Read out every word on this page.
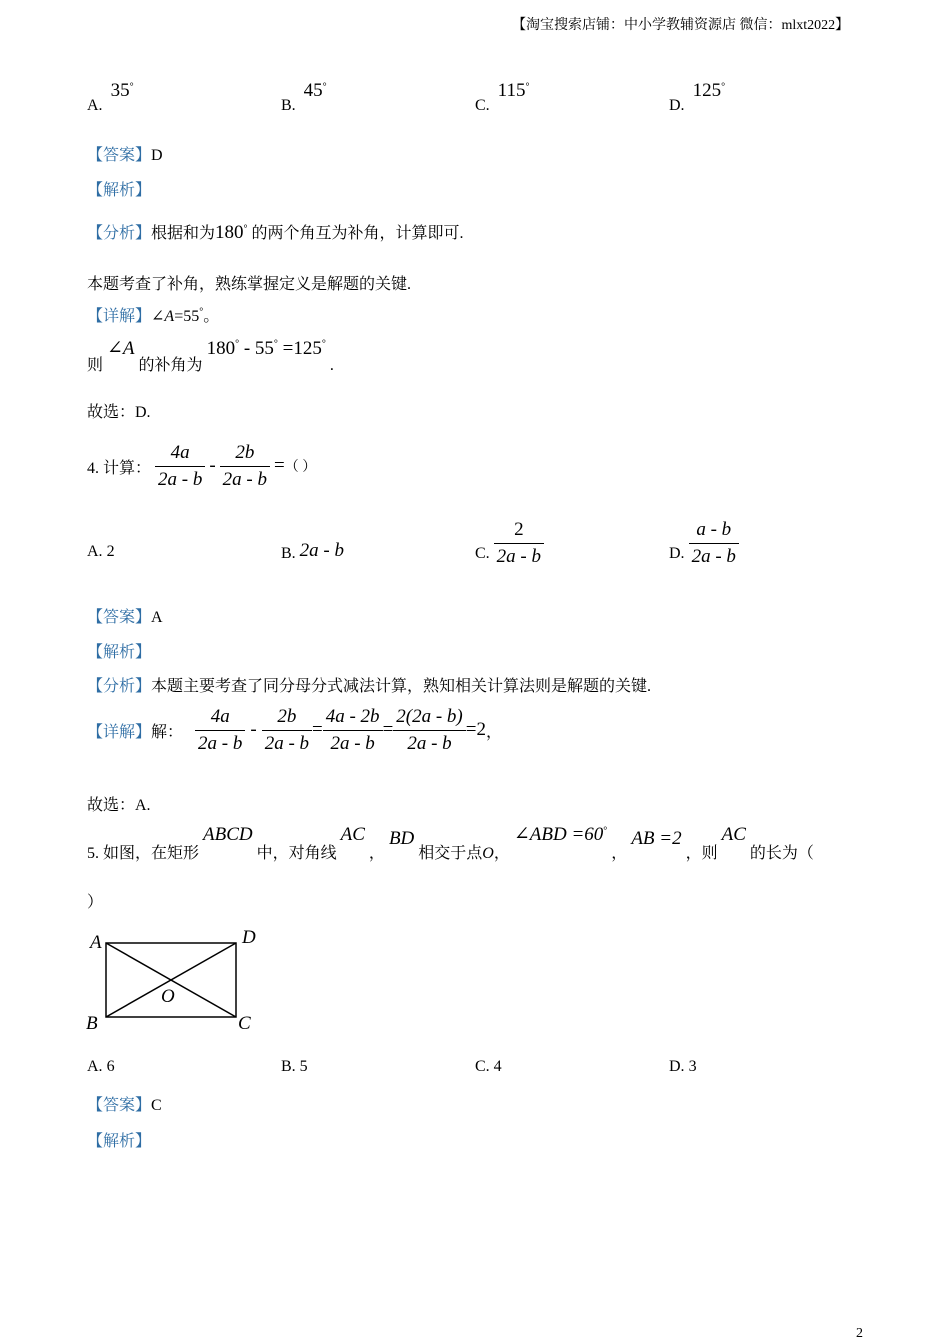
【淘宝搜索店铺：中小学教辅资源店 微信：mlxt2022】
A. 35°
B. 45°
C. 115°
D. 125°
【答案】D
【解析】
【分析】根据和为180° 的两个角互为补角，计算即可.
本题考查了补角，熟练掌握定义是解题的关键.
【详解】∠A=55°。
则 ∠A 的补角为 180° - 55° =125° .
故选：D.
4. 计算： $\frac{4a}{2a - b} - \frac{2b}{2a - b}$ = （ ）
A. 2	B. 2a - b	C. $\frac{2}{2a - b}$	D. $\frac{a - b}{2a - b}$
【答案】A
【解析】
【分析】本题主要考查了同分母分式减法计算，熟知相关计算法则是解题的关键.
【详解】 解： $\frac{4a}{2a - b} - \frac{2b}{2a - b} = \frac{4a - 2b}{2a - b} = \frac{2(2a - b)}{2a - b} =2$ ，
故选：A.
5. 如图，在矩形 ABCD 中，对角线 AC ， BD 相交于点O， ∠ABD =60° ， AB =2 ，则 AC 的长为（
）
A	D
B	C
O
A. 6	B. 5	C. 4	D. 3
【答案】C
【解析】
2
